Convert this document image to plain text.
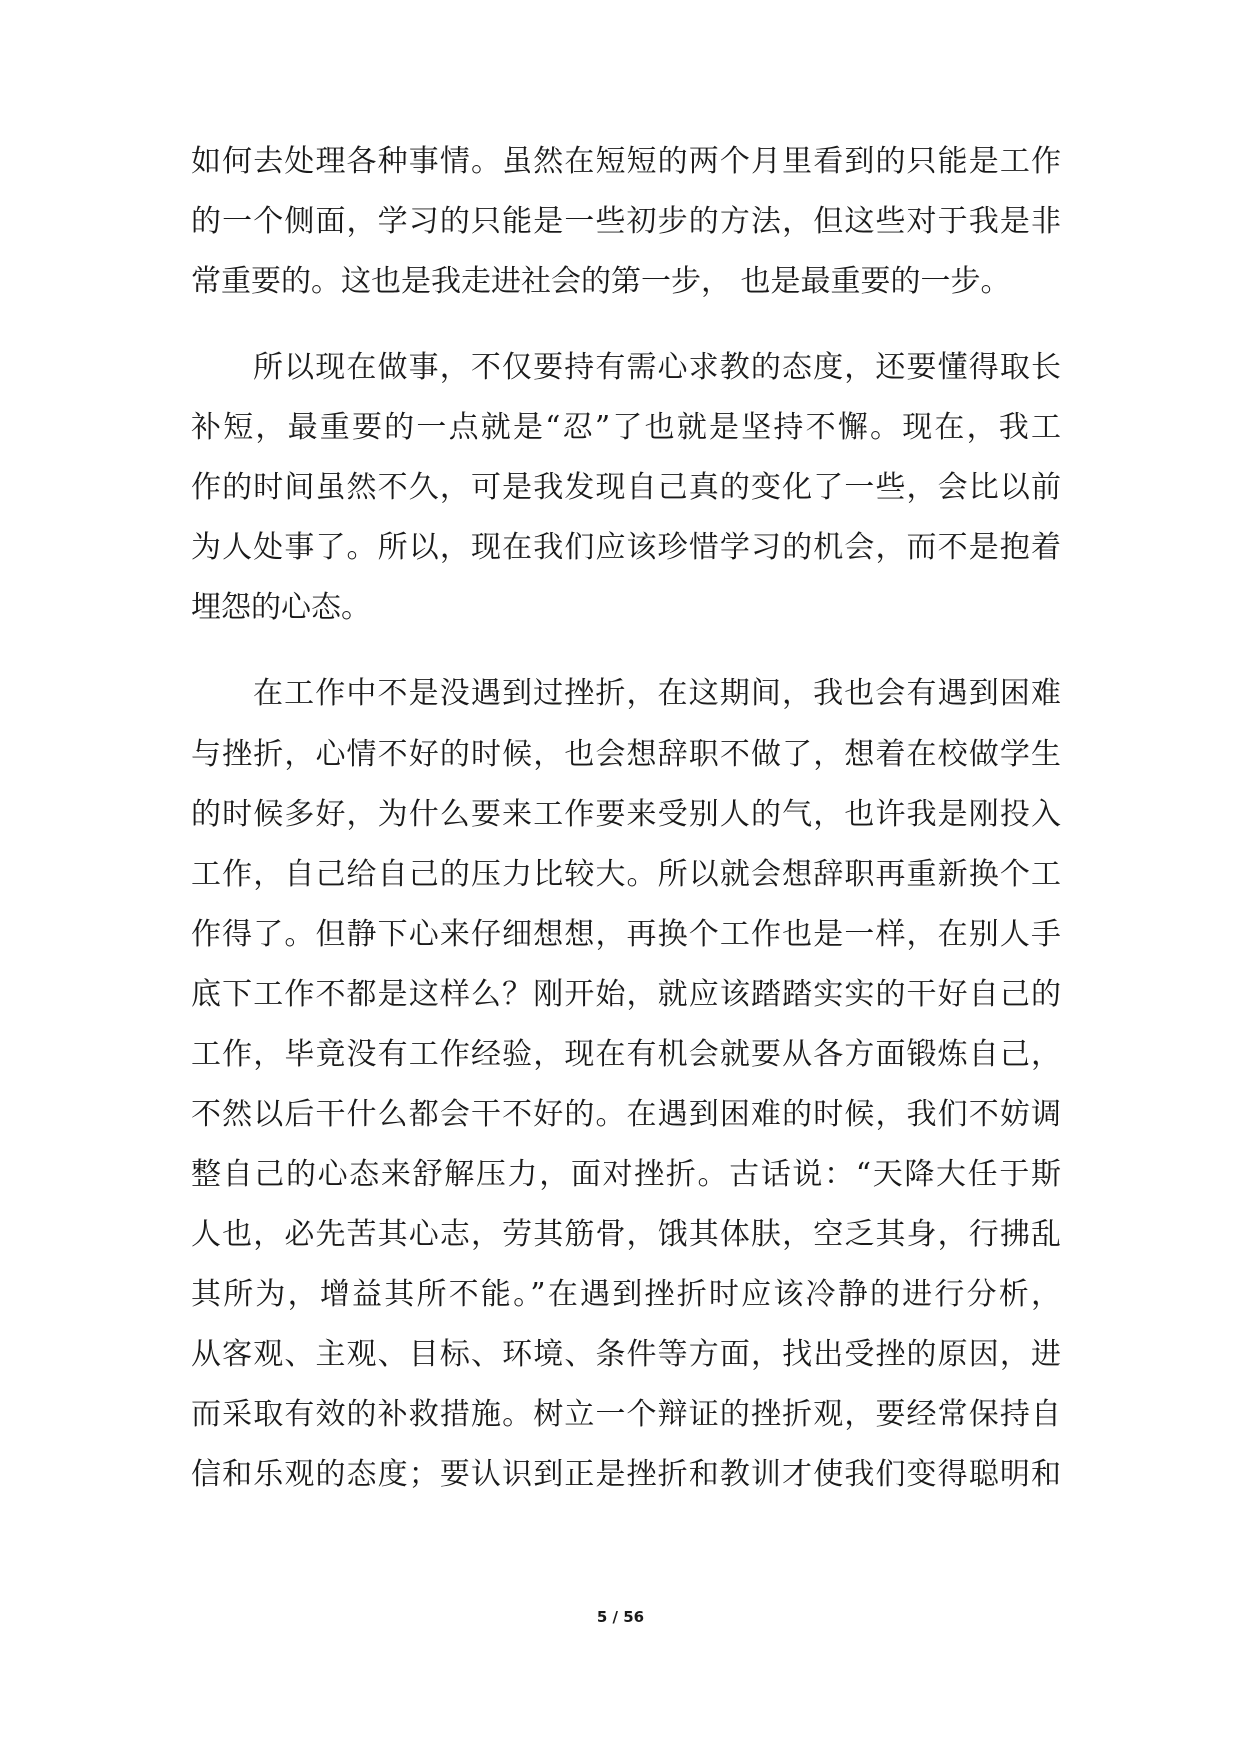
如何去处理各种事情。虽然在短短的两个月里看到的只能是工作
的一个侧面，学习的只能是一些初步的方法，但这些对于我是非
常重要的。这也是我走进社会的第一步， 也是最重要的一步。
所以现在做事，不仅要持有需心求教的态度，还要懂得取长
补短，最重要的一点就是“忍”了也就是坚持不懈。现在，我工
作的时间虽然不久，可是我发现自己真的变化了一些，会比以前
为人处事了。所以，现在我们应该珍惜学习的机会，而不是抱着
埋怨的心态。
在工作中不是没遇到过挫折，在这期间，我也会有遇到困难
与挫折，心情不好的时候，也会想辞职不做了，想着在校做学生
的时候多好，为什么要来工作要来受别人的气，也许我是刚投入
工作，自己给自己的压力比较大。所以就会想辞职再重新换个工
作得了。但静下心来仔细想想，再换个工作也是一样，在别人手
底下工作不都是这样么？刚开始，就应该踏踏实实的干好自己的
工作，毕竟没有工作经验，现在有机会就要从各方面锻炼自己，
不然以后干什么都会干不好的。在遇到困难的时候，我们不妨调
整自己的心态来舒解压力，面对挫折。古话说：“天降大任于斯
人也，必先苦其心志，劳其筋骨，饿其体肤，空乏其身，行拂乱
其所为，增益其所不能。”在遇到挫折时应该冷静的进行分析，
从客观、主观、目标、环境、条件等方面，找出受挫的原因，进
而采取有效的补救措施。树立一个辩证的挫折观，要经常保持自
信和乐观的态度；要认识到正是挫折和教训才使我们变得聪明和
5 / 56
